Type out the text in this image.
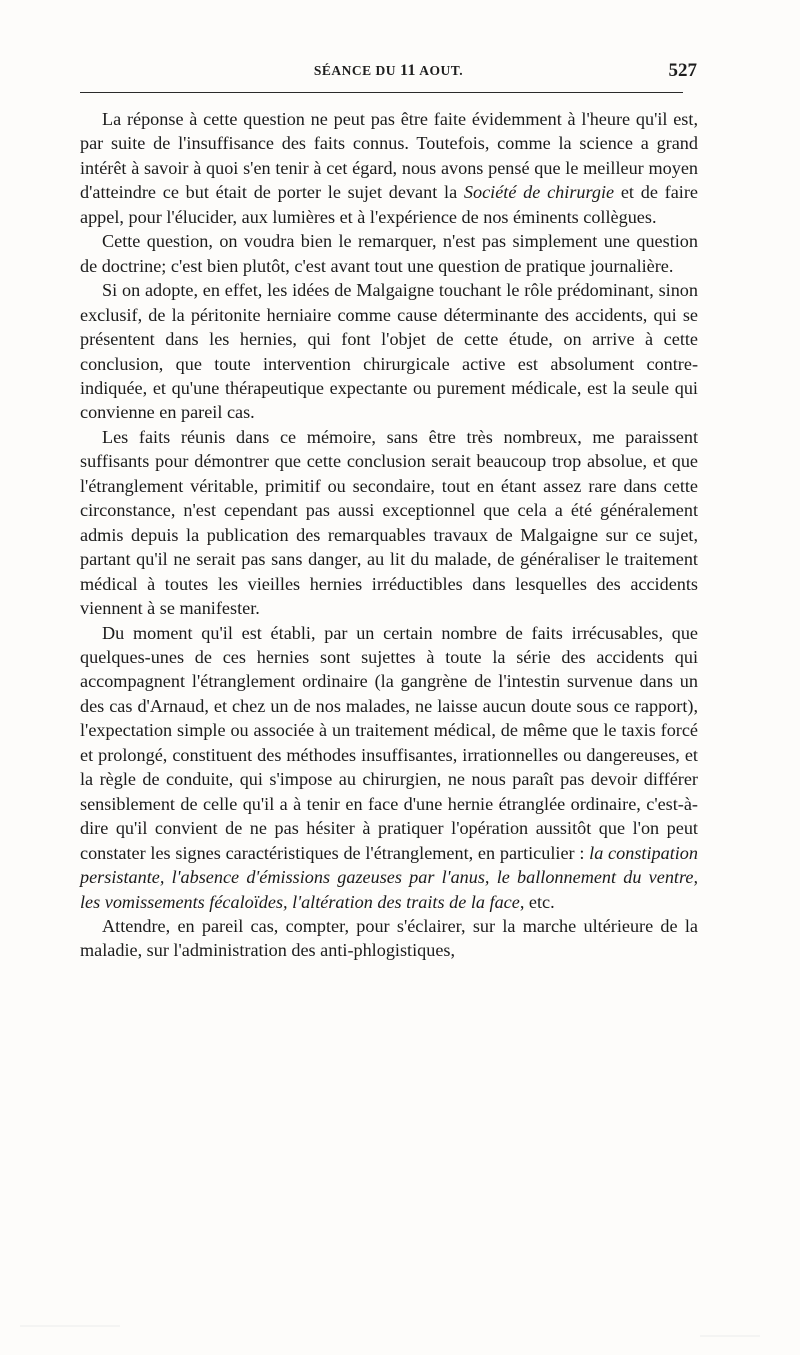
SÉANCE DU 11 AOUT.	527

La réponse à cette question ne peut pas être faite évidemment à l'heure qu'il est, par suite de l'insuffisance des faits connus. Toutefois, comme la science a grand intérêt à savoir à quoi s'en tenir à cet égard, nous avons pensé que le meilleur moyen d'atteindre ce but était de porter le sujet devant la Société de chirurgie et de faire appel, pour l'élucider, aux lumières et à l'expérience de nos éminents collègues.

Cette question, on voudra bien le remarquer, n'est pas simplement une question de doctrine; c'est bien plutôt, c'est avant tout une question de pratique journalière.

Si on adopte, en effet, les idées de Malgaigne touchant le rôle prédominant, sinon exclusif, de la péritonite herniaire comme cause déterminante des accidents, qui se présentent dans les hernies, qui font l'objet de cette étude, on arrive à cette conclusion, que toute intervention chirurgicale active est absolument contre-indiquée, et qu'une thérapeutique expectante ou purement médicale, est la seule qui convienne en pareil cas.

Les faits réunis dans ce mémoire, sans être très nombreux, me paraissent suffisants pour démontrer que cette conclusion serait beaucoup trop absolue, et que l'étranglement véritable, primitif ou secondaire, tout en étant assez rare dans cette circonstance, n'est cependant pas aussi exceptionnel que cela a été généralement admis depuis la publication des remarquables travaux de Malgaigne sur ce sujet, partant qu'il ne serait pas sans danger, au lit du malade, de généraliser le traitement médical à toutes les vieilles hernies irréductibles dans lesquelles des accidents viennent à se manifester.

Du moment qu'il est établi, par un certain nombre de faits irrécusables, que quelques-unes de ces hernies sont sujettes à toute la série des accidents qui accompagnent l'étranglement ordinaire (la gangrène de l'intestin survenue dans un des cas d'Arnaud, et chez un de nos malades, ne laisse aucun doute sous ce rapport), l'expectation simple ou associée à un traitement médical, de même que le taxis forcé et prolongé, constituent des méthodes insuffisantes, irrationnelles ou dangereuses, et la règle de conduite, qui s'impose au chirurgien, ne nous paraît pas devoir différer sensiblement de celle qu'il a à tenir en face d'une hernie étranglée ordinaire, c'est-à-dire qu'il convient de ne pas hésiter à pratiquer l'opération aussitôt que l'on peut constater les signes caractéristiques de l'étranglement, en particulier : la constipation persistante, l'absence d'émissions gazeuses par l'anus, le ballonnement du ventre, les vomissements fécaloïdes, l'altération des traits de la face, etc.

Attendre, en pareil cas, compter, pour s'éclairer, sur la marche ultérieure de la maladie, sur l'administration des anti-phlogistiques,
